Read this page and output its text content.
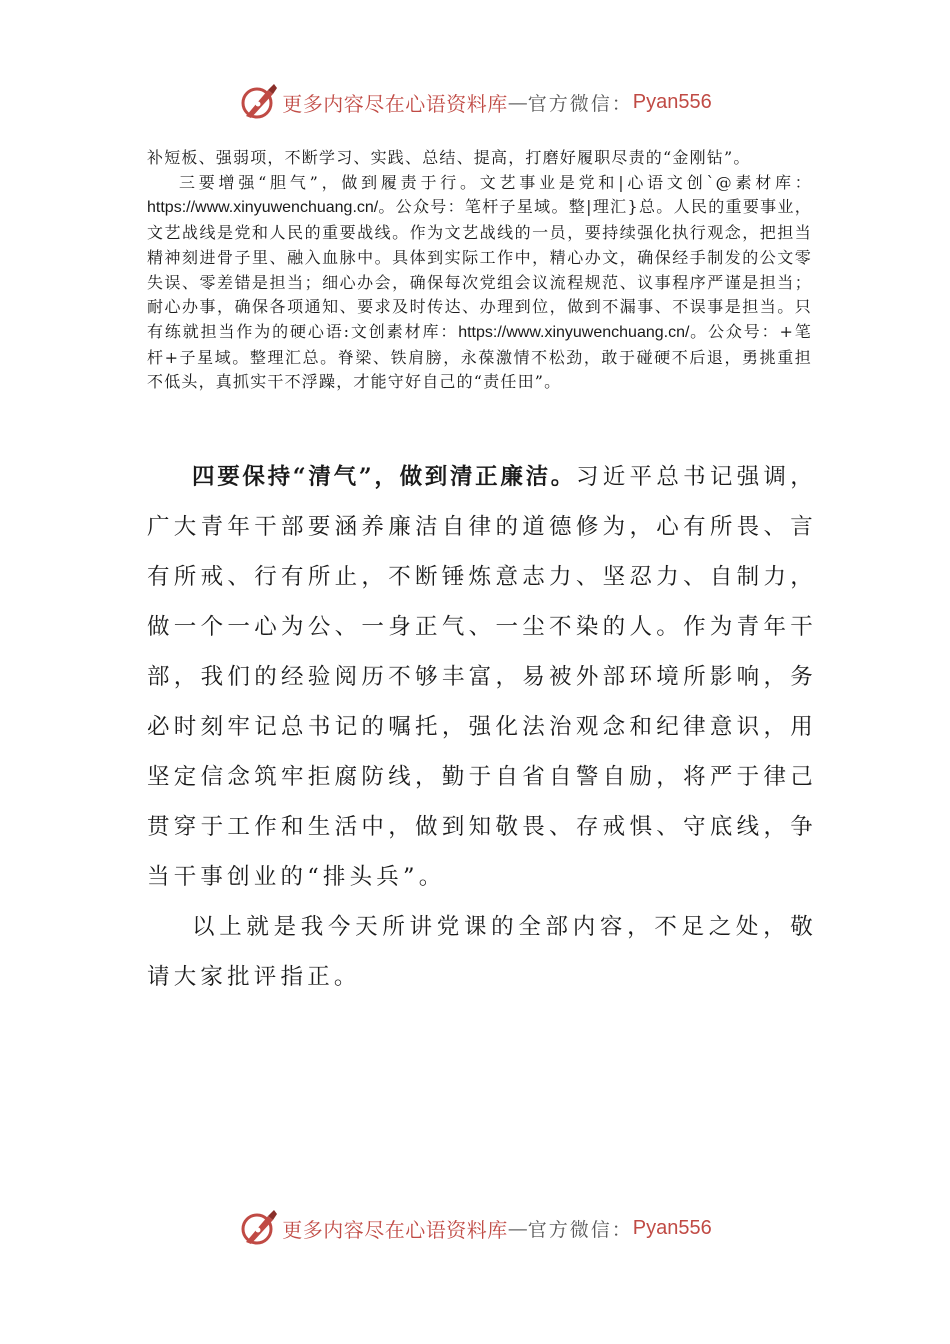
更多内容尽在心语资料库 — 官方微信： Pyan556

补短板、强弱项，不断学习、实践、总结、提高，打磨好履职尽责的“金刚钻”。

三要增强“胆气”，做到履责于行。文艺事业是党和|心语文创`@素材库：https://www.xinyuwenchuang.cn/。公众号：笔杆子星域。整|理汇}总。人民的重要事业，文艺战线是党和人民的重要战线。作为文艺战线的一员，要持续强化执行观念，把担当精神刻进骨子里、融入血脉中。具体到实际工作中，精心办文，确保经手制发的公文零失误、零差错是担当；细心办会，确保每次党组会议流程规范、议事程序严谨是担当；耐心办事，确保各项通知、要求及时传达、办理到位，做到不漏事、不误事是担当。只有练就担当作为的硬心语:文创素材库：https://www.xinyuwenchuang.cn/。公众号：+笔杆+子星域。整理汇总。脊梁、铁肩膀，永葆激情不松劲，敢于碰硬不后退，勇挑重担不低头，真抓实干不浮躁，才能守好自己的“责任田”。

四要保持“清气”，做到清正廉洁。习近平总书记强调，广大青年干部要涵养廉洁自律的道德修为，心有所畏、言有所戒、行有所止，不断锤炼意志力、坚忍力、自制力，做一个一心为公、一身正气、一尘不染的人。作为青年干部，我们的经验阅历不够丰富，易被外部环境所影响，务必时刻牢记总书记的嘱托，强化法治观念和纪律意识，用坚定信念筑牢拒腐防线，勤于自省自警自励，将严于律己贯穿于工作和生活中，做到知敬畏、存戒惧、守底线，争当干事创业的“排头兵”。

以上就是我今天所讲党课的全部内容，不足之处，敬请大家批评指正。

更多内容尽在心语资料库 — 官方微信： Pyan556
